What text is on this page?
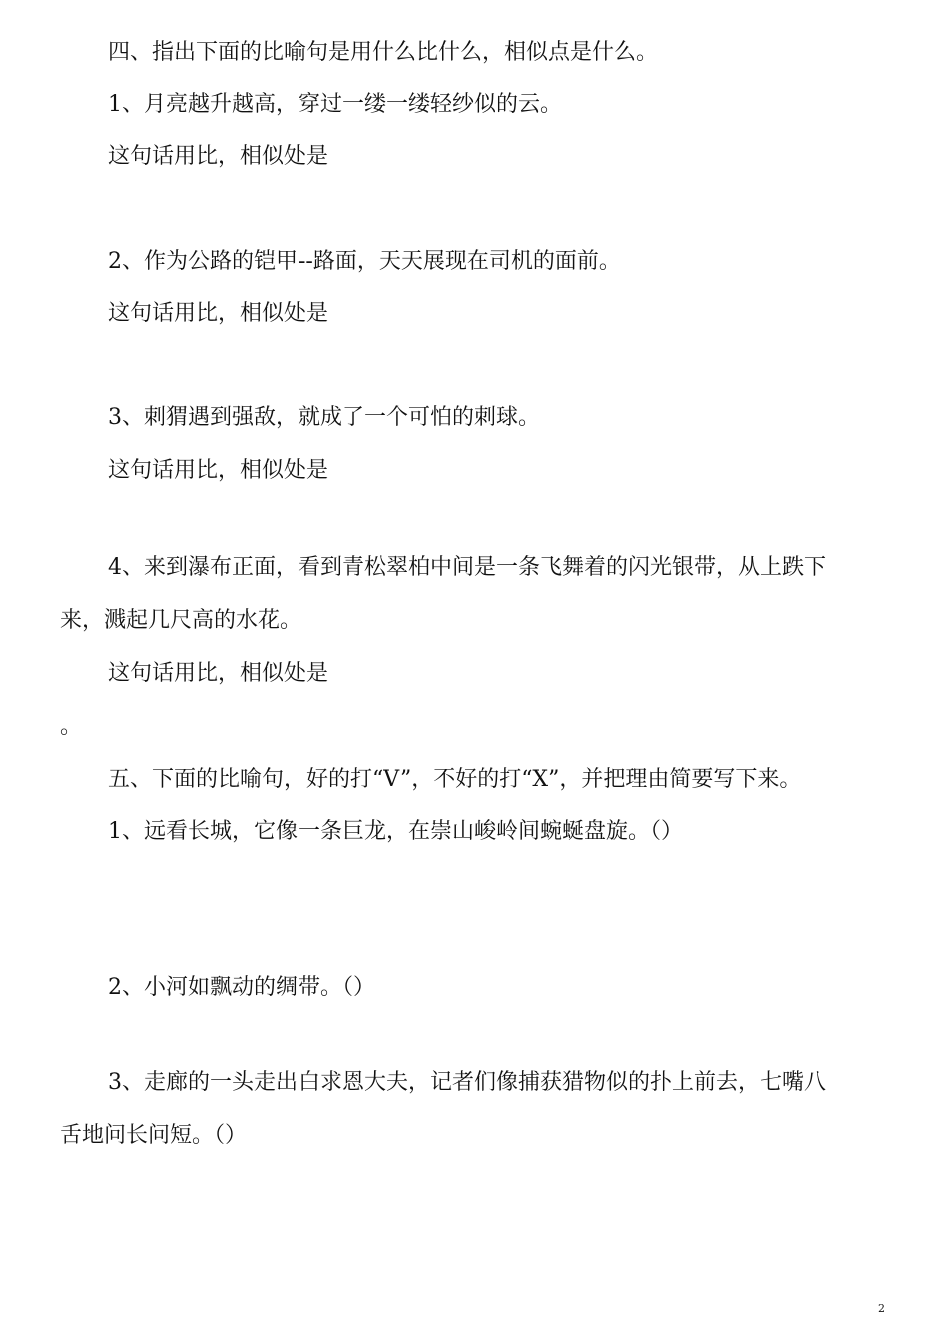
四、指出下面的比喻句是用什么比什么，相似点是什么。

1、月亮越升越高，穿过一缕一缕轻纱似的云。

这句话用比，相似处是

2、作为公路的铠甲--路面，天天展现在司机的面前。

这句话用比，相似处是

3、刺猬遇到强敌，就成了一个可怕的刺球。

这句话用比，相似处是

4、来到瀑布正面，看到青松翠柏中间是一条飞舞着的闪光银带，从上跌下

来，溅起几尺高的水花。

这句话用比，相似处是

。

五、下面的比喻句，好的打“V”，不好的打“X”，并把理由简要写下来。

1、远看长城，它像一条巨龙，在崇山峻岭间蜿蜒盘旋。（）

2、小河如飘动的绸带。（）

3、走廊的一头走出白求恩大夫，记者们像捕获猎物似的扑上前去，七嘴八

舌地问长问短。（）

2
